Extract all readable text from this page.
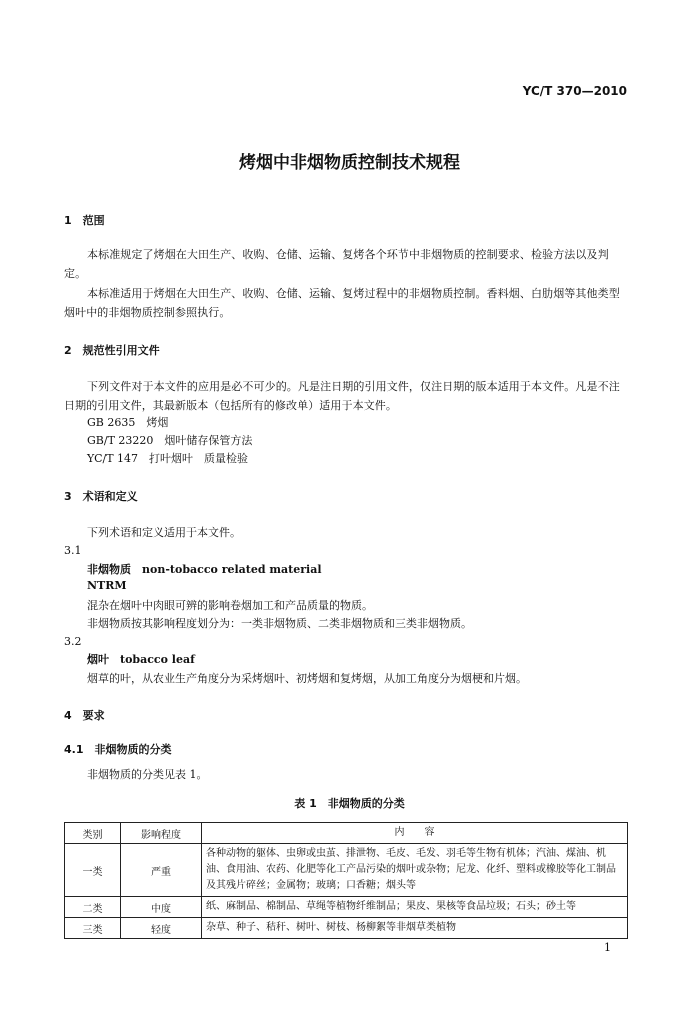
YC/T 370—2010
烤烟中非烟物质控制技术规程
1　范围
本标准规定了烤烟在大田生产、收购、仓储、运输、复烤各个环节中非烟物质的控制要求、检验方法以及判定。
本标准适用于烤烟在大田生产、收购、仓储、运输、复烤过程中的非烟物质控制。香料烟、白肋烟等其他类型烟叶中的非烟物质控制参照执行。
2　规范性引用文件
下列文件对于本文件的应用是必不可少的。凡是注日期的引用文件，仅注日期的版本适用于本文件。凡是不注日期的引用文件，其最新版本（包括所有的修改单）适用于本文件。
GB 2635　烤烟
GB/T 23220　烟叶储存保管方法
YC/T 147　打叶烟叶　质量检验
3　术语和定义
下列术语和定义适用于本文件。
3.1
非烟物质　non-tobacco related material
NTRM
混杂在烟叶中肉眼可辨的影响卷烟加工和产品质量的物质。
非烟物质按其影响程度划分为：一类非烟物质、二类非烟物质和三类非烟物质。
3.2
烟叶　tobacco leaf
烟草的叶，从农业生产角度分为采烤烟叶、初烤烟和复烤烟，从加工角度分为烟梗和片烟。
4　要求
4.1　非烟物质的分类
非烟物质的分类见表 1。
表 1　非烟物质的分类
类别	影响程度	内　　容
一类	严重	各种动物的躯体、虫卵或虫茧、排泄物、毛皮、毛发、羽毛等生物有机体；汽油、煤油、机油、食用油、农药、化肥等化工产品污染的烟叶或杂物；尼龙、化纤、塑料或橡胶等化工制品及其残片碎丝；金属物；玻璃；口香糖；烟头等
二类	中度	纸、麻制品、棉制品、草绳等植物纤维制品；果皮、果核等食品垃圾；石头；砂土等
三类	轻度	杂草、种子、秸秆、树叶、树枝、杨柳絮等非烟草类植物
1
